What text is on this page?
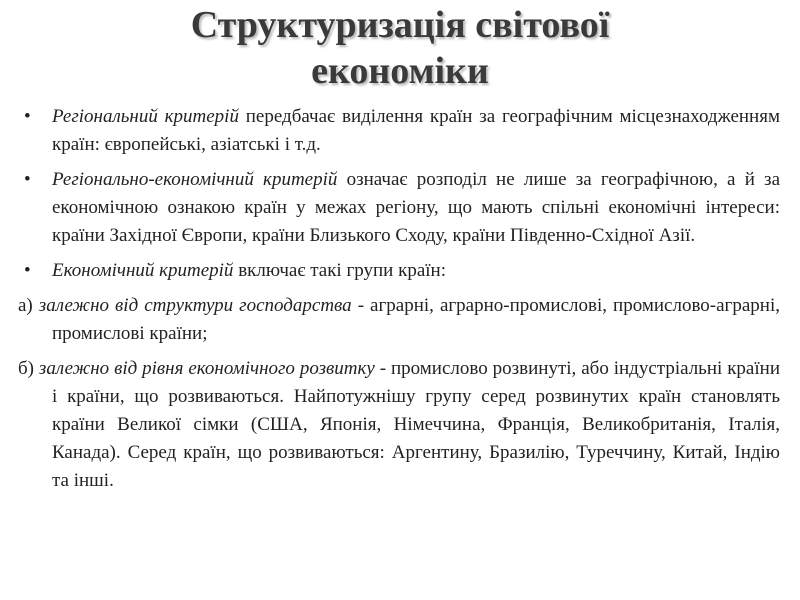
Структуризація світової
економіки

• Регіональний критерій передбачає виділення країн за географічним місцезнаходженням країн: європейські, азіатські і т.д.

• Регіонально-економічний критерій означає розподіл не лише за географічною, а й за економічною ознакою країн у межах регіону, що мають спільні економічні інтереси: країни Західної Європи, країни Близького Сходу, країни Південно-Східної Азії.

• Економічний критерій включає такі групи країн:

а) залежно від структури господарства - аграрні, аграрно-промислові, промислово-аграрні, промислові країни;

б) залежно від рівня економічного розвитку - промислово розвинуті, або індустріальні країни і країни, що розвиваються. Найпотужнішу групу серед розвинутих країн становлять країни Великої сімки (США, Японія, Німеччина, Франція, Великобританія, Італія, Канада). Серед країн, що розвиваються: Аргентину, Бразилію, Туреччину, Китай, Індію та інші.
